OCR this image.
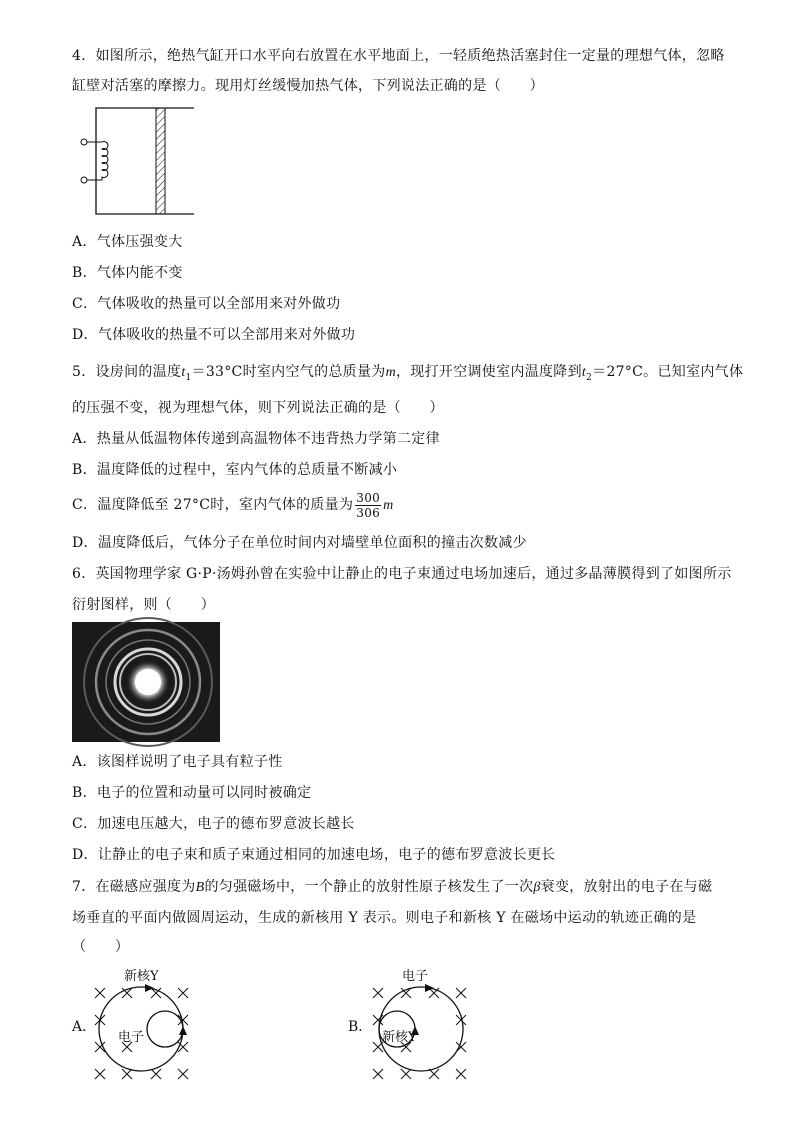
4．如图所示，绝热气缸开口水平向右放置在水平地面上，一轻质绝热活塞封住一定量的理想气体，忽略
缸壁对活塞的摩擦力。现用灯丝缓慢加热气体，下列说法正确的是（　　）
A．气体压强变大
B．气体内能不变
C．气体吸收的热量可以全部用来对外做功
D．气体吸收的热量不可以全部用来对外做功
5．设房间的温度$t_1=33^\circ C$时室内空气的总质量为m，现打开空调使室内温度降到$t_2=27^\circ C$。已知室内气体
的压强不变，视为理想气体，则下列说法正确的是（　　）
A．热量从低温物体传递到高温物体不违背热力学第二定律
B．温度降低的过程中，室内气体的总质量不断减小
C．温度降低至 27°C时，室内气体的质量为 $\frac{300}{306}$ m
D．温度降低后，气体分子在单位时间内对墙壁单位面积的撞击次数减少
6．英国物理学家 G·P·汤姆孙曾在实验中让静止的电子束通过电场加速后，通过多晶薄膜得到了如图所示
衍射图样，则（　　）
A．该图样说明了电子具有粒子性
B．电子的位置和动量可以同时被确定
C．加速电压越大，电子的德布罗意波长越长
D．让静止的电子束和质子束通过相同的加速电场，电子的德布罗意波长更长
7．在磁感应强度为B的匀强磁场中，一个静止的放射性原子核发生了一次β衰变，放射出的电子在与磁
场垂直的平面内做圆周运动，生成的新核用 Y 表示。则电子和新核 Y 在磁场中运动的轨迹正确的是
（　　）
A．
新核Y
电子
B．
电子
新核Y
